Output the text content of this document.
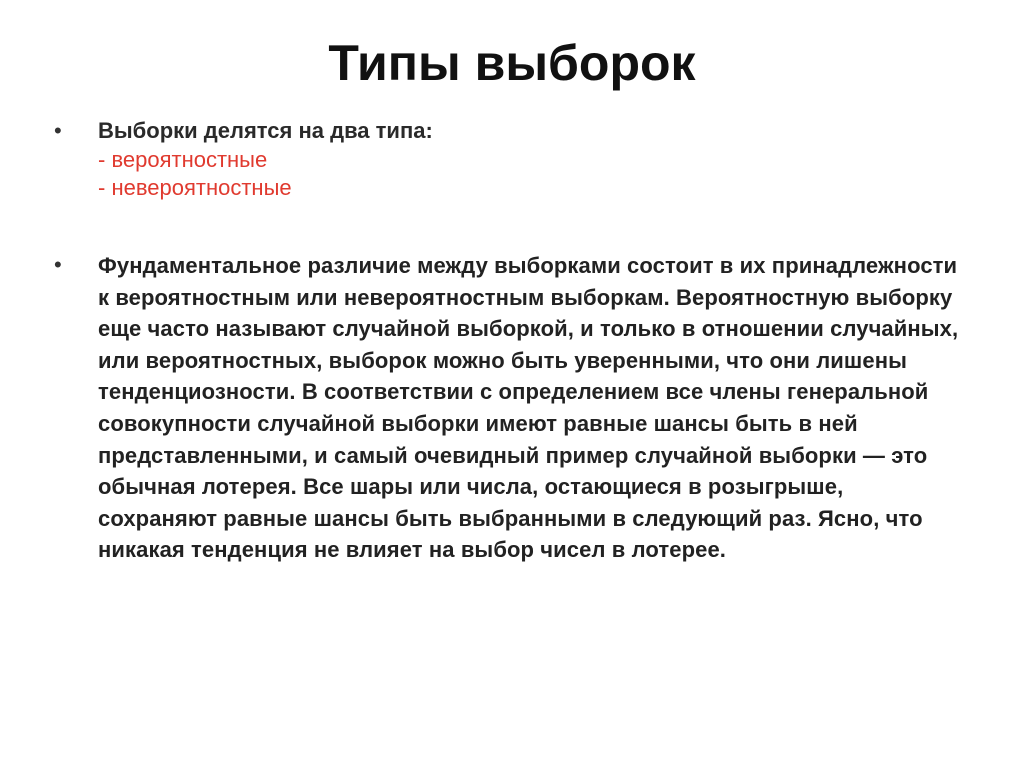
Типы выборок
• Выборки делятся на два типа:
- вероятностные
- невероятностные
• Фундаментальное различие между выборками состоит в их принадлежности к вероятностным или невероятностным выборкам. Вероятностную выборку еще часто называют случайной выборкой, и только в отношении случайных, или вероятностных, выборок можно быть уверенными, что они лишены тенденциозности. В соответствии с определением все члены генеральной совокупности случайной выборки имеют равные шансы быть в ней представленными, и самый очевидный пример случайной выборки — это обычная лотерея. Все шары или числа, остающиеся в розыгрыше, сохраняют равные шансы быть выбранными в следующий раз. Ясно, что никакая тенденция не влияет на выбор чисел в лотерее.
